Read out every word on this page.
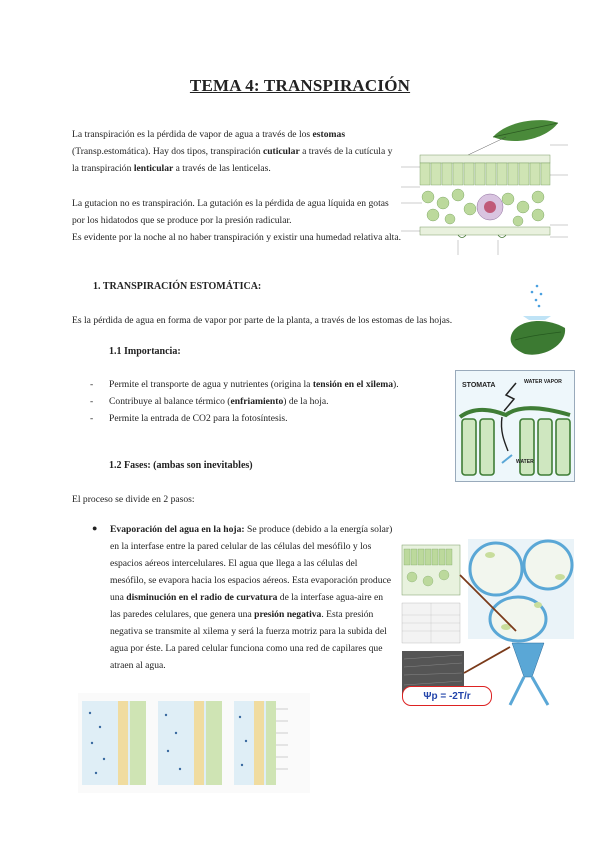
TEMA 4: TRANSPIRACIÓN
La transpiración es la pérdida de vapor de agua a través de los estomas (Transp.estomática). Hay dos tipos, transpiración cuticular a través de la cutícula y la transpiración lenticular a través de las lenticelas.
La gutacion no es transpiración. La gutación es la pérdida de agua líquida en gotas por los hidatodos que se produce por la presión radicular.
Es evidente por la noche al no haber transpiración y existir una humedad relativa alta.
1. TRANSPIRACIÓN ESTOMÁTICA:
Es la pérdida de agua en forma de vapor por parte de la planta, a través de los estomas de las hojas.
1.1 Importancia:
- Permite el transporte de agua y nutrientes (origina la tensión en el xilema).
- Contribuye al balance térmico (enfriamiento) de la hoja.
- Permite la entrada de CO2 para la fotosíntesis.
STOMATA	WATER VAPOR
WATER
1.2 Fases: (ambas son inevitables)
El proceso se divide en 2 pasos:
● Evaporación del agua en la hoja: Se produce (debido a la energía solar) en la interfase entre la pared celular de las células del mesófilo y los espacios aéreos intercelulares. El agua que llega a las células del mesófilo, se evapora hacia los espacios aéreos. Esta evaporación produce una disminución en el radio de curvatura de la interfase agua-aire en las paredes celulares, que genera una presión negativa. Esta presión negativa se transmite al xilema y será la fuerza motriz para la subida del agua por éste. La pared celular funciona como una red de capilares que atraen al agua.
Ψp = -2T/r
